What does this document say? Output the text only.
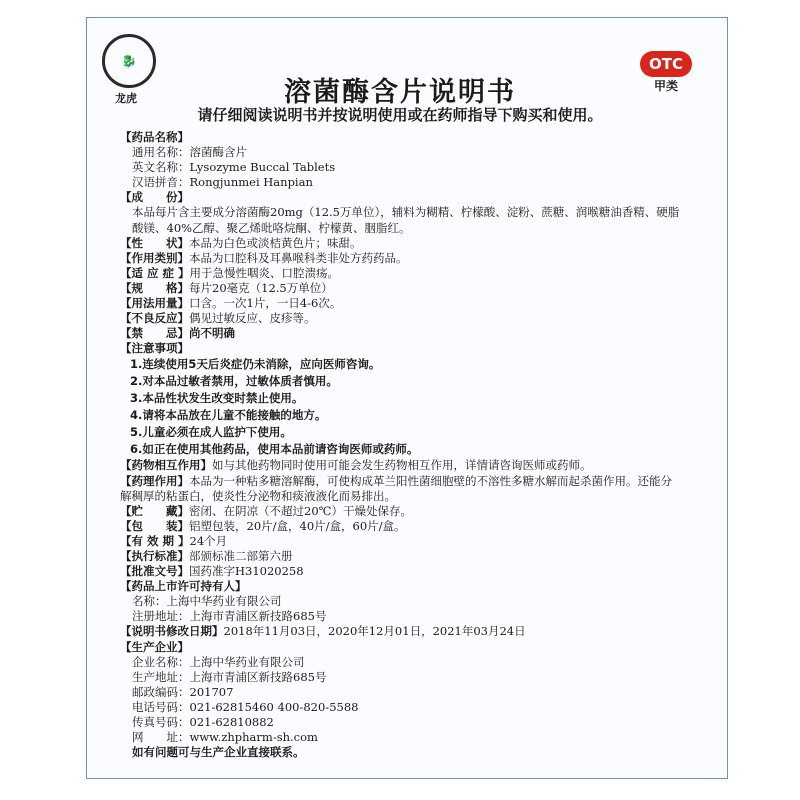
🐉
龙虎
OTC
甲类
溶菌酶含片说明书
请仔细阅读说明书并按说明使用或在药师指导下购买和使用。
【药品名称】
通用名称：溶菌酶含片
英文名称：Lysozyme Buccal Tablets
汉语拼音：Rongjunmei Hanpian
【成　　份】
本品每片含主要成分溶菌酶20mg（12.5万单位），辅料为糊精、柠檬酸、淀粉、蔗糖、润喉糖油香精、硬脂酸镁、40%乙醇、聚乙烯吡咯烷酮、柠檬黄、胭脂红。
【性　　状】本品为白色或淡桔黄色片；味甜。
【作用类别】本品为口腔科及耳鼻喉科类非处方药药品。
【适 应 症 】用于急慢性咽炎、口腔溃疡。
【规　　格】每片20毫克（12.5万单位）
【用法用量】口含。一次1片，一日4-6次。
【不良反应】偶见过敏反应、皮疹等。
【禁　　忌】尚不明确
【注意事项】
1.连续使用5天后炎症仍未消除，应向医师咨询。
2.对本品过敏者禁用，过敏体质者慎用。
3.本品性状发生改变时禁止使用。
4.请将本品放在儿童不能接触的地方。
5.儿童必须在成人监护下使用。
6.如正在使用其他药品，使用本品前请咨询医师或药师。
【药物相互作用】如与其他药物同时使用可能会发生药物相互作用，详情请咨询医师或药师。
【药理作用】本品为一种粘多糖溶解酶，可使构成革兰阳性菌细胞壁的不溶性多糖水解而起杀菌作用。还能分解稠厚的粘蛋白，使炎性分泌物和痰液液化而易排出。
【贮　　藏】密闭、在阴凉（不超过20℃）干燥处保存。
【包　　装】铝塑包装，20片/盒，40片/盒，60片/盒。
【有 效 期 】24个月
【执行标准】部颁标准二部第六册
【批准文号】国药准字H31020258
【药品上市许可持有人】
名称：上海中华药业有限公司
注册地址：上海市青浦区新技路685号
【说明书修改日期】2018年11月03日，2020年12月01日，2021年03月24日
【生产企业】
企业名称：上海中华药业有限公司
生产地址：上海市青浦区新技路685号
邮政编码：201707
电话号码：021-62815460 400-820-5588
传真号码：021-62810882
网　　址：www.zhpharm-sh.com
如有问题可与生产企业直接联系。
